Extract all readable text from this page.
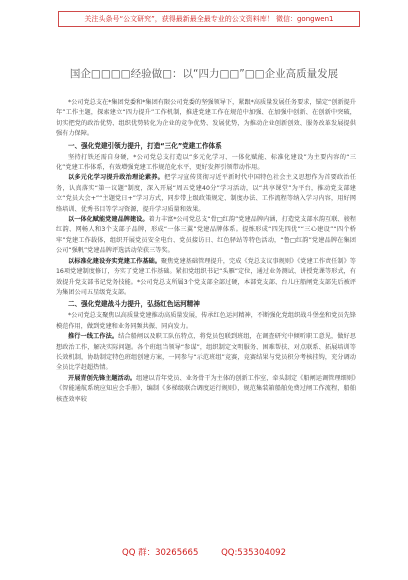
关注头条号“公文研究”，获得最新最全最专业的公文资料库！ 微信：gongwen1
国企□□□□经验做□：以“四力□□”□□企业高质量发展

*公司党总支在*集团党委和*集团有限公司党委的坚强领导下，紧跟*高质量发展任务要求，锚定“创新提升年”工作主题，探索建立“四力提升”工作机制，推进党建工作在规范中加强、在加强中创新、在创新中突破，切实把党的政治优势、组织优势转化为企业的竞争优势、发展优势，为推动企业创新创效、服务改革发展提供强有力保障。

一、强化党建引领力提升，打造“三化”党建工作体系

坚持打铁还需自身硬，*公司党总支打造以“多元化学习、一体化赋能、标准化建设”为主要内容的“三化”党建工作体系，有效增强党建工作规范化水平，更好发挥引领带动作用。

以多元化学习提升政治理论素养。把学习宣传贯彻习近平新时代中国特色社会主义思想作为首要政治任务，认真落实“第一议题”制度，深入开展“周五党建40分”学习活动，以“共享课堂”为平台，推动党支部建立“党员大会+”“主题党日+”学习方式，同步带上级政策规定、制度办法、工作流程等纳入学习内容，用好网络培训、优秀书目等学习资源，提升学习质量和效果。

以一体化赋能党建品牌建设。着力丰富*公司党总支“骨□红韵”党建品牌内涵，打造党支部水韵互联、骏程红韵、网畅人和3个支部子品牌，形成“一体三翼”党建品牌体系。提炼形成“四先四优”“三心建设”“四个桥牢”党建工作载体，组织开展党员安全电台、党员接访日、红色驿站等特色活动，“鲁□红韵”党建品牌在集团公司“强帆”党建品牌评选活动荣获三等奖。

以标准化建设夯实党建工作基础。聚焦党建基础管理提升，完成《党总支议事规则》《党建工作责任制》等16项党建制度修订，夯实了党建工作基础。紧扣党组织书记“头雁”定位，通过业务测试、讲授党课等形式，有效提升党支部书记党务技能。*公司党总支所属3个党支部全部过硬，本部党支部、台儿庄船闸党支部先后被评为集团公司五星级党支部。

二、强化党建战斗力提升，弘扬红色运河精神

*公司党总支聚焦以高质量党建推动高质量发展，传承红色运河精神，不断强化党组织战斗堡垒和党员先锋模范作用，做到党建和业务同频共振、同向发力。

推行一线工作法。结合船闸以及职工队伍特点，将党员包联到班组，在调查研究中倾听职工意见，做好思想政治工作，解决实际问题。各个班组当领导“参谋”，组织制定文明服务、困难帮扶、对点联系、拓展培训等长效机制，协助制定特色班组创建方案，一同参与“示范班组”竞赛，竞赛结果与党员积分考核挂钩，充分调动全员比学赶超热情。

开展青创先锋主题活动。组建以青年党员、业务骨干为主体的创新工作室，牵头制定《船闸运调管理细则》《智能通航系统应知应会手册》，编制《多梯级联合调度运行规则》，规范集装箱船舶免费过闸工作流程，船舶核查效率较

QQ 群：30265665	QQ:535304092
